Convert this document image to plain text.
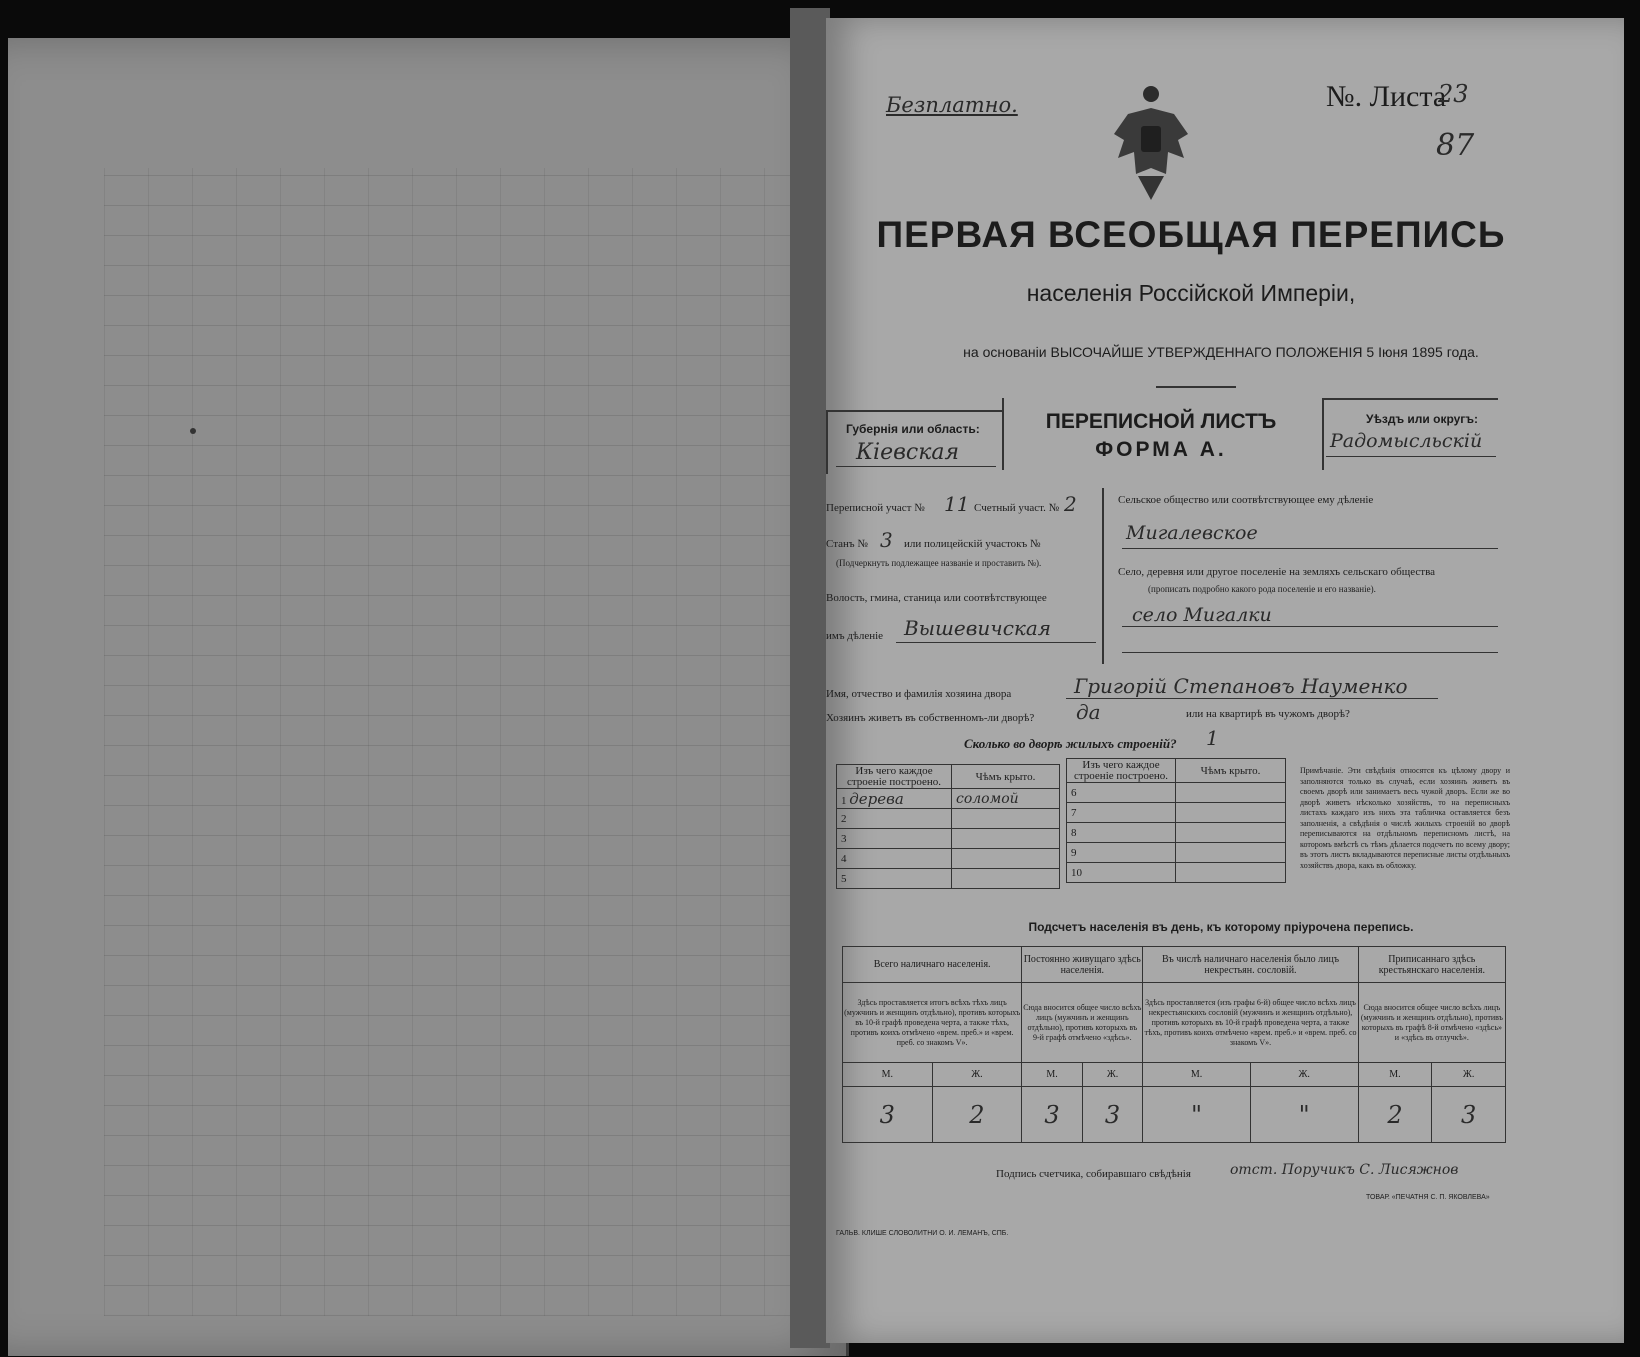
Безплатно.	№. Листа
23
87
ПЕРВАЯ ВСЕОБЩАЯ ПЕРЕПИСЬ
населенія Россійской Имперіи,
на основаніи ВЫСОЧАЙШЕ УТВЕРЖДЕННАГО ПОЛОЖЕНІЯ 5 Іюня 1895 года.
Губернія или область:
Кіевская
ПЕРЕПИСНОЙ ЛИСТЪ
ФОРМА А.
Уѣздъ или округъ:
Радомысльскій
Переписной участ № 11 Счетный участ. № 2
Станъ № 3 или полицейскій участокъ №
(Подчеркнуть подлежащее названіе и проставить №).
Волость, гмина, станица или соотвѣтствующее
имъ дѣленіе Вышевичская
Сельское общество или соотвѣтствующее ему дѣленіе
Мигалевское
Село, деревня или другое поселеніе на земляхъ сельскаго общества
(прописать подробно какого рода поселеніе и его названіе).
село Мигалки
Имя, отчество и фамилія хозяина двора	Григорій Степановъ Науменко
Хозяинъ живетъ въ собственномъ-ли дворѣ? да	или на квартирѣ въ чужомъ дворѣ?
Сколько во дворѣ жилыхъ строеній? 1
Изъ чего каждое строеніе построено.	Чѣмъ крыто.
1 дерева	соломой
2	
3	
4	
5	
Изъ чего каждое строеніе построено.	Чѣмъ крыто.
6	
7	
8	
9	
10	
Примѣчаніе. Эти свѣдѣнія относятся къ цѣлому двору и заполняются только въ случаѣ, если хозяинъ живетъ въ своемъ дворѣ или занимаетъ весь чужой дворъ. Если же во дворѣ живетъ нѣсколько хозяйствъ, то на переписныхъ листахъ каждаго изъ нихъ эта табличка оставляется безъ заполненія, а свѣдѣнія о числѣ жилыхъ строеній во дворѣ переписываются на отдѣльномъ переписномъ листѣ, на которомъ вмѣстѣ съ тѣмъ дѣлается подсчетъ по всему двору; въ этотъ листъ вкладываются переписные листы отдѣльныхъ хозяйствъ двора, какъ въ обложку.
Подсчетъ населенія въ день, къ которому пріурочена перепись.
Всего наличнаго населенія.		Постоянно живущаго здѣсь населенія.		Въ числѣ наличнаго населенія было лицъ некрестьян. сословій.		Приписаннаго здѣсь крестьянскаго населенія.	
Здѣсь проставляется итогъ всѣхъ тѣхъ лицъ (мужчинъ и женщинъ отдѣльно), противъ которыхъ въ 10-й графѣ проведена черта, а также тѣхъ, противъ коихъ отмѣчено «врем. преб.» и «врем. преб. со знакомъ V».		Сюда вносится общее число всѣхъ лицъ (мужчинъ и женщинъ отдѣльно), противъ которыхъ въ 9-й графѣ отмѣчено «здѣсь».		Здѣсь проставляется (изъ графы 6-й) общее число всѣхъ лицъ некрестьянскихъ сословій (мужчинъ и женщинъ отдѣльно), противъ которыхъ въ 10-й графѣ проведена черта, а также тѣхъ, противъ коихъ отмѣчено «врем. преб.» и «врем. преб. со знакомъ V».		Сюда вносится общее число всѣхъ лицъ (мужчинъ и женщинъ отдѣльно), противъ которыхъ въ графѣ 8-й отмѣчено «здѣсь» и «здѣсь въ отлучкѣ».	
М.	Ж.	М.	Ж.	М.	Ж.	М.	Ж.
3	2	3	3	"	"	2	3
Подпись счетчика, собиравшаго свѣдѣнія	отст. Поручикъ С. Лисяжнов
ГАЛЬВ. КЛИШЕ СЛОВОЛИТНИ О. И. ЛЕМАНЪ, СПБ.
ТОВАР. «ПЕЧАТНЯ С. П. ЯКОВЛЕВА»
